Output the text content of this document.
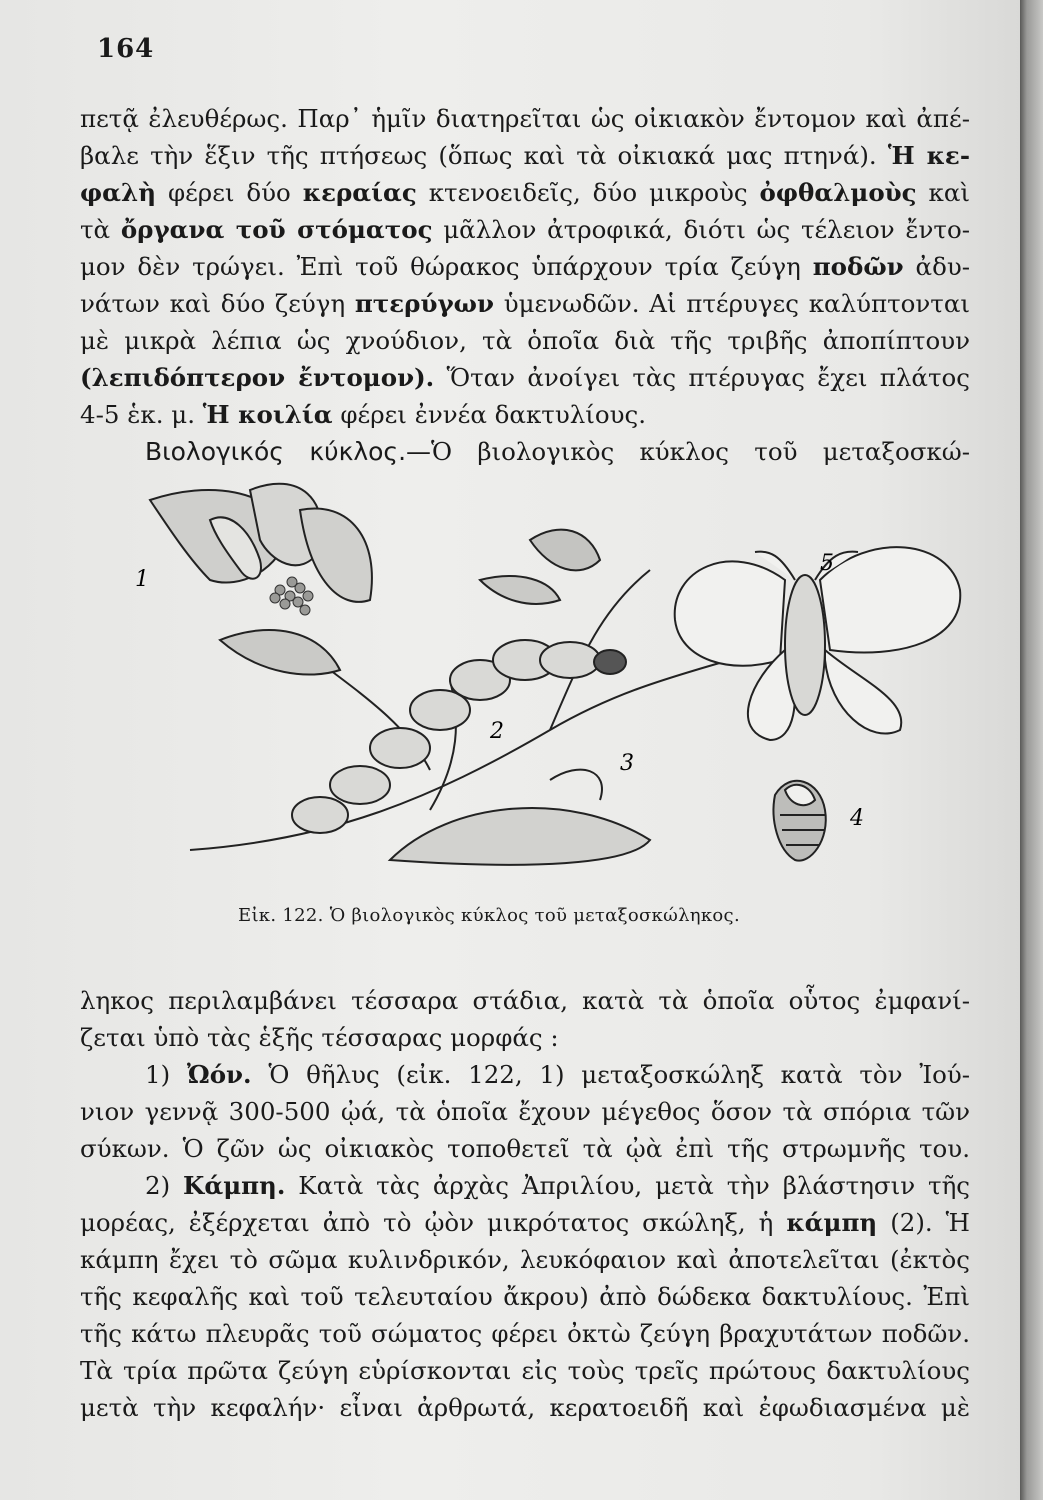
164
πετᾷ ἐλευθέρως. Παρ᾽ ἡμῖν διατηρεῖται ὡς οἰκιακὸν ἔντομον καὶ ἀπέ-
βαλε τὴν ἕξιν τῆς πτήσεως (ὅπως καὶ τὰ οἰκιακά μας πτηνά). Ἡ κε-
φαλὴ φέρει δύο κεραίας κτενοειδεῖς, δύο μικροὺς ὀφθαλμοὺς καὶ
τὰ ὄργανα τοῦ στόματος μᾶλλον ἀτροφικά, διότι ὡς τέλειον ἔντο-
μον δὲν τρώγει. Ἐπὶ τοῦ θώρακος ὑπάρχουν τρία ζεύγη ποδῶν ἀδυ-
νάτων καὶ δύο ζεύγη πτερύγων ὑμενωδῶν. Αἱ πτέρυγες καλύπτονται
μὲ μικρὰ λέπια ὡς χνούδιον, τὰ ὁποῖα διὰ τῆς τριβῆς ἀποπίπτουν
(λεπιδόπτερον ἔντομον). Ὅταν ἀνοίγει τὰς πτέρυγας ἔχει πλάτος
4-5 ἑκ. μ. Ἡ κοιλία φέρει ἐννέα δακτυλίους.
Βιολογικός κύκλος.—Ὁ βιολογικὸς κύκλος τοῦ μεταξοσκώ-
1
2
3
4
5
Εἰκ. 122. Ὁ βιολογικὸς κύκλος τοῦ μεταξοσκώληκος.
ληκος περιλαμβάνει τέσσαρα στάδια, κατὰ τὰ ὁποῖα οὗτος ἐμφανί-
ζεται ὑπὸ τὰς ἑξῆς τέσσαρας μορφάς :
1) Ὠόν. Ὁ θῆλυς (εἰκ. 122, 1) μεταξοσκώληξ κατὰ τὸν Ἰού-
νιον γεννᾷ 300-500 ᾠά, τὰ ὁποῖα ἔχουν μέγεθος ὅσον τὰ σπόρια τῶν
σύκων. Ὁ ζῶν ὡς οἰκιακὸς τοποθετεῖ τὰ ᾠὰ ἐπὶ τῆς στρωμνῆς του.
2) Κάμπη. Κατὰ τὰς ἀρχὰς Ἀπριλίου, μετὰ τὴν βλάστησιν τῆς
μορέας, ἐξέρχεται ἀπὸ τὸ ᾠὸν μικρότατος σκώληξ, ἡ κάμπη (2). Ἡ
κάμπη ἔχει τὸ σῶμα κυλινδρικόν, λευκόφαιον καὶ ἀποτελεῖται (ἐκτὸς
τῆς κεφαλῆς καὶ τοῦ τελευταίου ἄκρου) ἀπὸ δώδεκα δακτυλίους. Ἐπὶ
τῆς κάτω πλευρᾶς τοῦ σώματος φέρει ὀκτὼ ζεύγη βραχυτάτων ποδῶν.
Τὰ τρία πρῶτα ζεύγη εὑρίσκονται εἰς τοὺς τρεῖς πρώτους δακτυλίους
μετὰ τὴν κεφαλήν· εἶναι ἀρθρωτά, κερατοειδῆ καὶ ἐφωδιασμένα μὲ
